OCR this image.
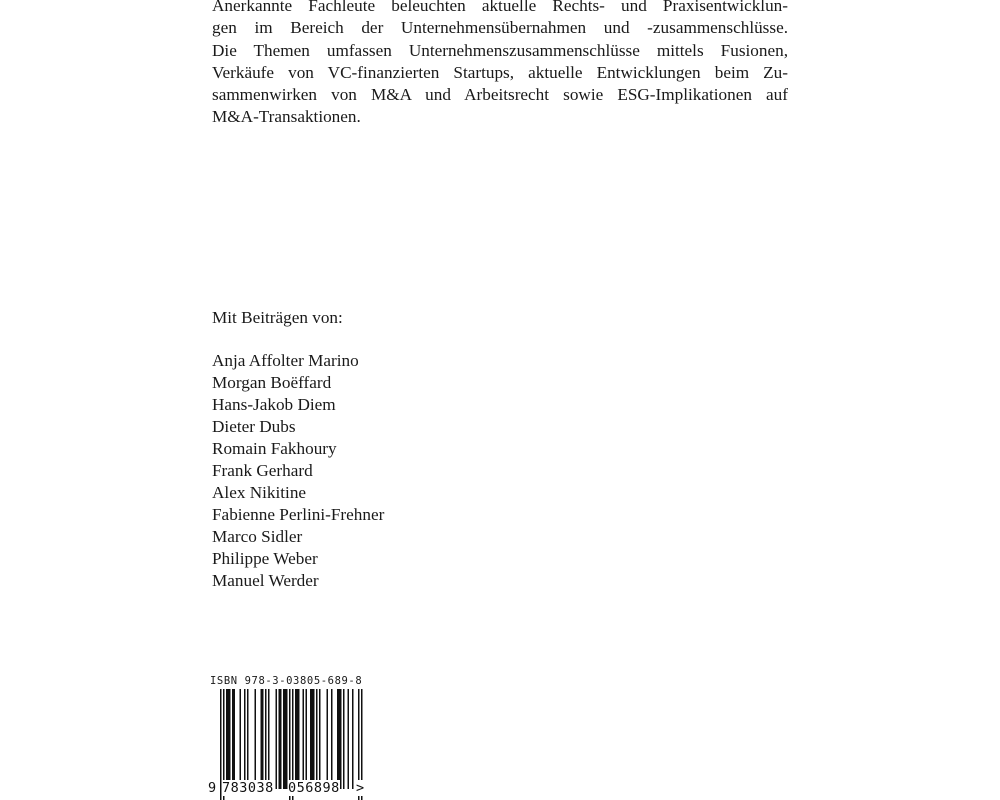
Anerkannte Fachleute beleuchten aktuelle Rechts- und Praxisentwicklun-
gen im Bereich der Unternehmensübernahmen und -zusammenschlüsse.
Die Themen umfassen Unternehmenszusammenschlüsse mittels Fusionen,
Verkäufe von VC-finanzierten Startups, aktuelle Entwicklungen beim Zu-
sammenwirken von M&A und Arbeitsrecht sowie ESG-Implikationen auf
M&A-Transaktionen.
Mit Beiträgen von:
Anja Affolter Marino
Morgan Boëffard
Hans-Jakob Diem
Dieter Dubs
Romain Fakhoury
Frank Gerhard
Alex Nikitine
Fabienne Perlini-Frehner
Marco Sidler
Philippe Weber
Manuel Werder
ISBN 978-3-03805-689-8
9 783038 056898 >
